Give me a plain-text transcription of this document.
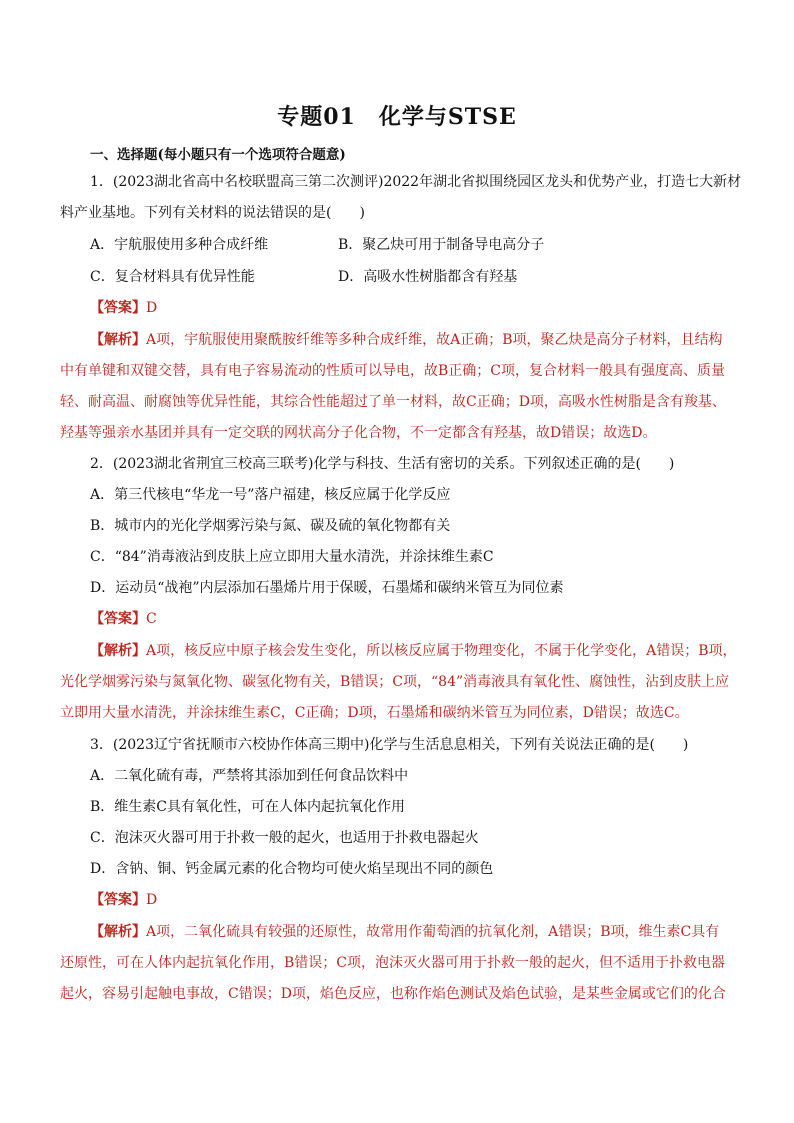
专题01　化学与STSE
一、选择题(每小题只有一个选项符合题意)
1．(2023湖北省高中名校联盟高三第二次测评)2022年湖北省拟围绕园区龙头和优势产业，打造七大新材
料产业基地。下列有关材料的说法错误的是(　　)
A．宇航服使用多种合成纤维	B．聚乙炔可用于制备导电高分子
C．复合材料具有优异性能	D．高吸水性树脂都含有羟基
【答案】D
【解析】A项，宇航服使用聚酰胺纤维等多种合成纤维，故A正确；B项，聚乙炔是高分子材料，且结构
中有单键和双键交替，具有电子容易流动的性质可以导电，故B正确；C项，复合材料一般具有强度高、质量
轻、耐高温、耐腐蚀等优异性能，其综合性能超过了单一材料，故C正确；D项，高吸水性树脂是含有羧基、
羟基等强亲水基团并具有一定交联的网状高分子化合物，不一定都含有羟基，故D错误；故选D。
2．(2023湖北省荆宜三校高三联考)化学与科技、生活有密切的关系。下列叙述正确的是(　　)
A．第三代核电“华龙一号”落户福建，核反应属于化学反应
B．城市内的光化学烟雾污染与氮、碳及硫的氧化物都有关
C．“84”消毒液沾到皮肤上应立即用大量水清洗，并涂抹维生素C
D．运动员“战袍”内层添加石墨烯片用于保暖，石墨烯和碳纳米管互为同位素
【答案】C
【解析】A项，核反应中原子核会发生变化，所以核反应属于物理变化，不属于化学变化，A错误；B项，
光化学烟雾污染与氮氧化物、碳氢化物有关，B错误；C项，“84”消毒液具有氧化性、腐蚀性，沾到皮肤上应
立即用大量水清洗，并涂抹维生素C，C正确；D项，石墨烯和碳纳米管互为同位素，D错误；故选C。
3．(2023辽宁省抚顺市六校协作体高三期中)化学与生活息息相关，下列有关说法正确的是(　　)
A．二氧化硫有毒，严禁将其添加到任何食品饮料中
B．维生素C具有氧化性，可在人体内起抗氧化作用
C．泡沫灭火器可用于扑救一般的起火，也适用于扑救电器起火
D．含钠、铜、钙金属元素的化合物均可使火焰呈现出不同的颜色
【答案】D
【解析】A项，二氧化硫具有较强的还原性，故常用作葡萄酒的抗氧化剂，A错误；B项，维生素C具有
还原性，可在人体内起抗氧化作用，B错误；C项，泡沫灭火器可用于扑救一般的起火，但不适用于扑救电器
起火，容易引起触电事故，C错误；D项，焰色反应，也称作焰色测试及焰色试验，是某些金属或它们的化合
